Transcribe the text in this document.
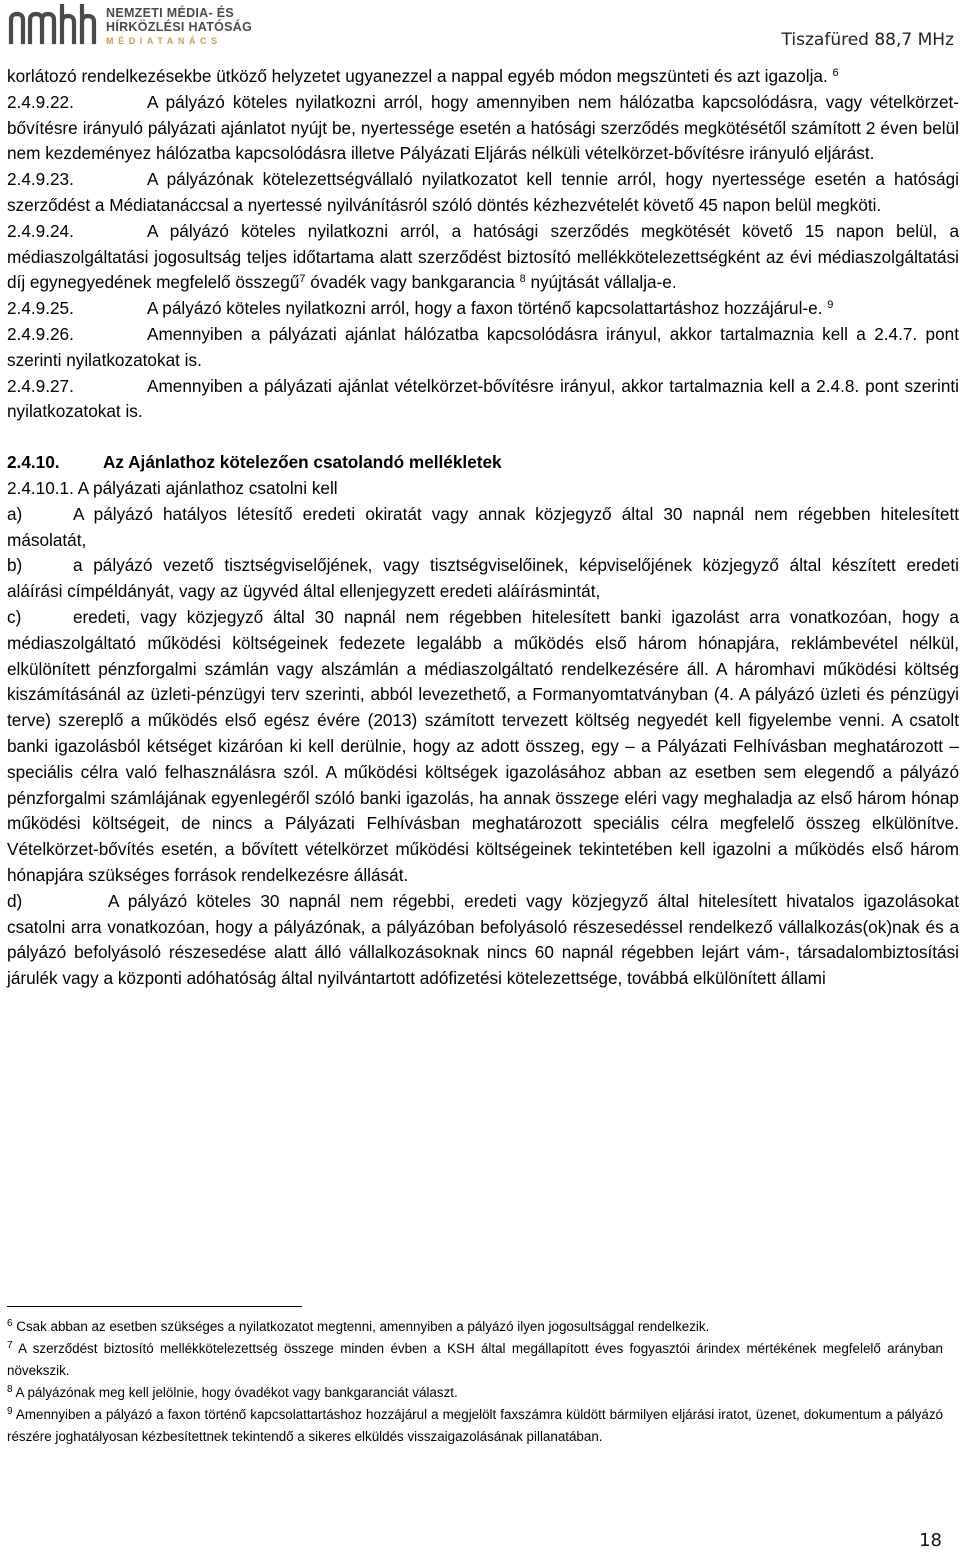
NEMZETI MÉDIA- ÉS
HÍRKÖZLÉSI HATÓSÁG
MÉDIATANÁCS	Tiszafüred 88,7 MHz

korlátozó rendelkezésekbe ütköző helyzetet ugyanezzel a nappal egyéb módon megszünteti és azt igazolja. $^6$

2.4.9.22.	A pályázó köteles nyilatkozni arról, hogy amennyiben nem hálózatba kapcsolódásra, vagy vételkörzet-bővítésre irányuló pályázati ajánlatot nyújt be, nyertessége esetén a hatósági szerződés megkötésétől számított 2 éven belül nem kezdeményez hálózatba kapcsolódásra illetve Pályázati Eljárás nélküli vételkörzet-bővítésre irányuló eljárást.

2.4.9.23.	A pályázónak kötelezettségvállaló nyilatkozatot kell tennie arról, hogy nyertessége esetén a hatósági szerződést a Médiatanáccsal a nyertessé nyilvánításról szóló döntés kézhezvételét követő 45 napon belül megköti.

2.4.9.24.	A pályázó köteles nyilatkozni arról, a hatósági szerződés megkötését követő 15 napon belül, a médiaszolgáltatási jogosultság teljes időtartama alatt szerződést biztosító mellékkötelezettségként az évi médiaszolgáltatási díj egynegyedének megfelelő összegű$^7$ óvadék vagy bankgarancia $^8$ nyújtását vállalja-e.

2.4.9.25.	A pályázó köteles nyilatkozni arról, hogy a faxon történő kapcsolattartáshoz hozzájárul-e. $^9$

2.4.9.26.	Amennyiben a pályázati ajánlat hálózatba kapcsolódásra irányul, akkor tartalmaznia kell a 2.4.7. pont szerinti nyilatkozatokat is.

2.4.9.27.	Amennyiben a pályázati ajánlat vételkörzet-bővítésre irányul, akkor tartalmaznia kell a 2.4.8. pont szerinti nyilatkozatokat is.

2.4.10.	Az Ajánlathoz kötelezően csatolandó mellékletek

2.4.10.1. A pályázati ajánlathoz csatolni kell

a)	A pályázó hatályos létesítő eredeti okiratát vagy annak közjegyző által 30 napnál nem régebben hitelesített másolatát,

b)	a pályázó vezető tisztségviselőjének, vagy tisztségviselőinek, képviselőjének közjegyző által készített eredeti aláírási címpéldányát, vagy az ügyvéd által ellenjegyzett eredeti aláírásmintát,

c)	eredeti, vagy közjegyző által 30 napnál nem régebben hitelesített banki igazolást arra vonatkozóan, hogy a médiaszolgáltató működési költségeinek fedezete legalább a működés első három hónapjára, reklámbevétel nélkül, elkülönített pénzforgalmi számlán vagy alszámlán a médiaszolgáltató rendelkezésére áll. A háromhavi működési költség kiszámításánál az üzleti-pénzügyi terv szerinti, abból levezethető, a Formanyomtatványban (4. A pályázó üzleti és pénzügyi terve) szereplő a működés első egész évére (2013) számított tervezett költség negyedét kell figyelembe venni. A csatolt banki igazolásból kétséget kizáróan ki kell derülnie, hogy az adott összeg, egy – a Pályázati Felhívásban meghatározott – speciális célra való felhasználásra szól. A működési költségek igazolásához abban az esetben sem elegendő a pályázó pénzforgalmi számlájának egyenlegéről szóló banki igazolás, ha annak összege eléri vagy meghaladja az első három hónap működési költségeit, de nincs a Pályázati Felhívásban meghatározott speciális célra megfelelő összeg elkülönítve. Vételkörzet-bővítés esetén, a bővített vételkörzet működési költségeinek tekintetében kell igazolni a működés első három hónapjára szükséges források rendelkezésre állását.

d)	A pályázó köteles 30 napnál nem régebbi, eredeti vagy közjegyző által hitelesített hivatalos igazolásokat csatolni arra vonatkozóan, hogy a pályázónak, a pályázóban befolyásoló részesedéssel rendelkező vállalkozás(ok)nak és a pályázó befolyásoló részesedése alatt álló vállalkozásoknak nincs 60 napnál régebben lejárt vám-, társadalombiztosítási járulék vagy a központi adóhatóság által nyilvántartott adófizetési kötelezettsége, továbbá elkülönített állami

$^6$ Csak abban az esetben szükséges a nyilatkozatot megtenni, amennyiben a pályázó ilyen jogosultsággal rendelkezik.

$^7$ A szerződést biztosító mellékkötelezettség összege minden évben a KSH által megállapított éves fogyasztói árindex mértékének megfelelő arányban növekszik.

$^8$ A pályázónak meg kell jelölnie, hogy óvadékot vagy bankgaranciát választ.

$^9$ Amennyiben a pályázó a faxon történő kapcsolattartáshoz hozzájárul a megjelölt faxszámra küldött bármilyen eljárási iratot, üzenet, dokumentum a pályázó részére joghatályosan kézbesítettnek tekintendő a sikeres elküldés visszaigazolásának pillanatában.

18
